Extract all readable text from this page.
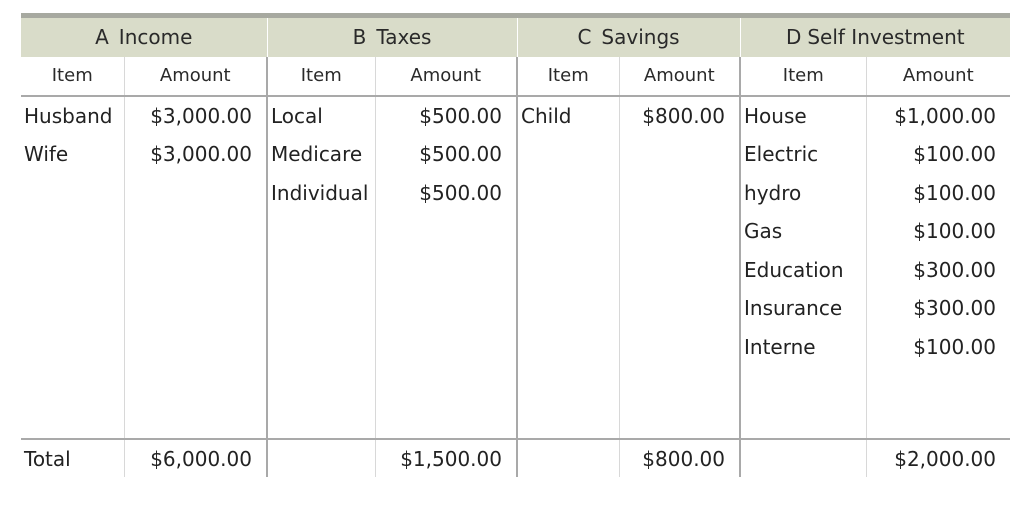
A Income		B Taxes		C Savings		D Self Investment	
Item	Amount	Item	Amount	Item	Amount	Item	Amount
Husband	$3,000.00	Local	$500.00	Child	$800.00	House	$1,000.00
Wife	$3,000.00	Medicare	$500.00			Electric	$100.00
		Individual	$500.00			hydro	$100.00
						Gas	$100.00
						Education	$300.00
						Insurance	$300.00
						Interne	$100.00

Total	$6,000.00		$1,500.00		$800.00		$2,000.00
